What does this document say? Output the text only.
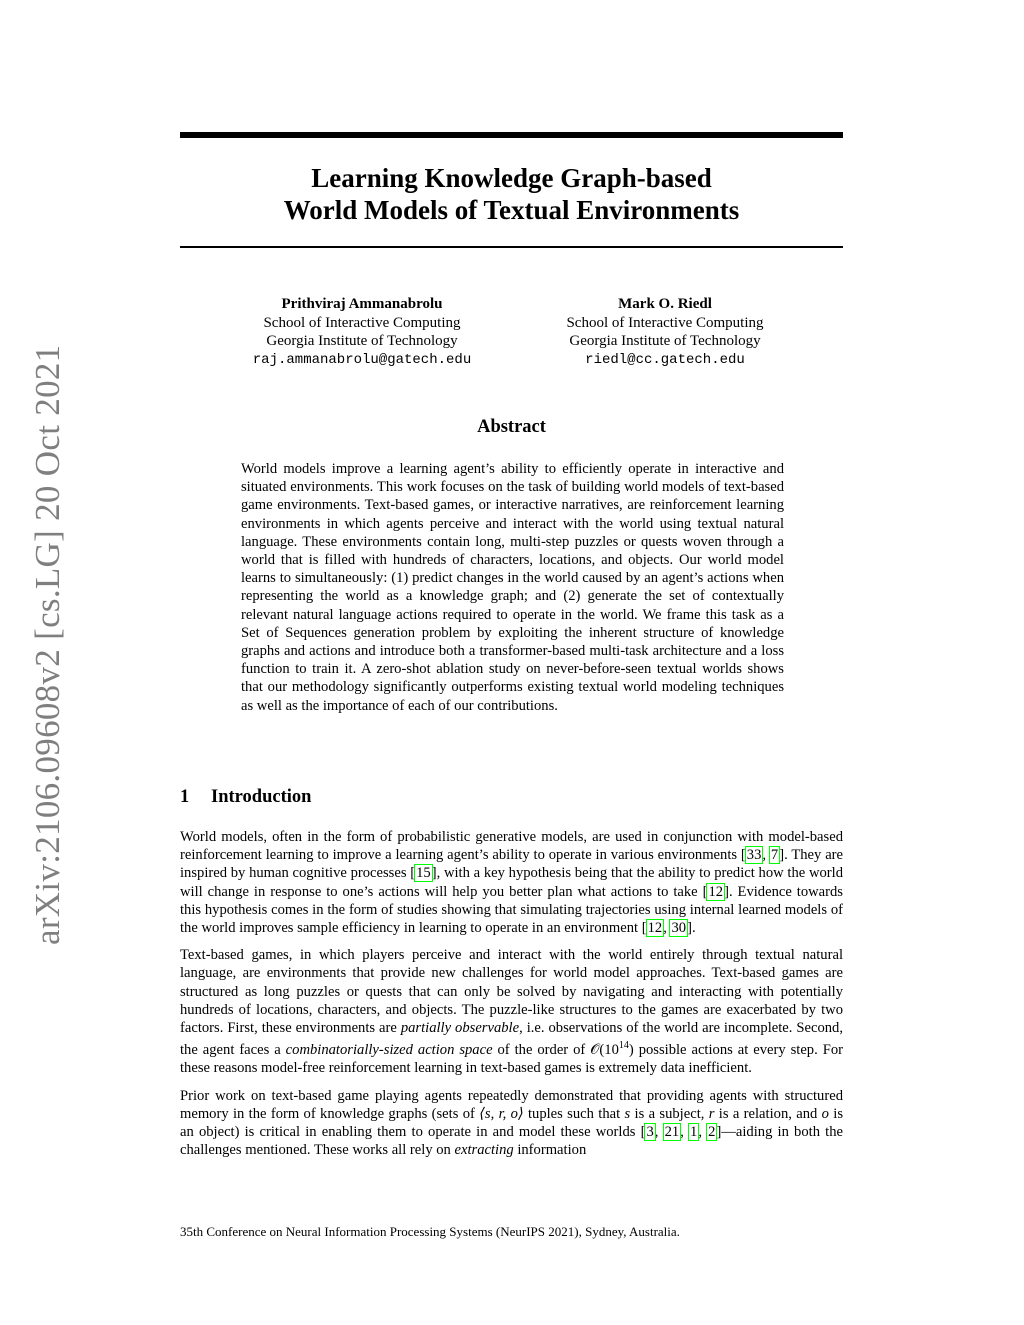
arXiv:2106.09608v2 [cs.LG] 20 Oct 2021
Learning Knowledge Graph-based
World Models of Textual Environments
Prithviraj Ammanabrolu
School of Interactive Computing
Georgia Institute of Technology
raj.ammanabrolu@gatech.edu
Mark O. Riedl
School of Interactive Computing
Georgia Institute of Technology
riedl@cc.gatech.edu
Abstract
World models improve a learning agent’s ability to efficiently operate in interactive and situated environments. This work focuses on the task of building world models of text-based game environments. Text-based games, or interactive narratives, are reinforcement learning environments in which agents perceive and interact with the world using textual natural language. These environments contain long, multi-step puzzles or quests woven through a world that is filled with hundreds of characters, locations, and objects. Our world model learns to simultaneously: (1) predict changes in the world caused by an agent’s actions when representing the world as a knowledge graph; and (2) generate the set of contextually relevant natural language actions required to operate in the world. We frame this task as a Set of Sequences generation problem by exploiting the inherent structure of knowledge graphs and actions and introduce both a transformer-based multi-task architecture and a loss function to train it. A zero-shot ablation study on never-before-seen textual worlds shows that our methodology significantly outperforms existing textual world modeling techniques as well as the importance of each of our contributions.
1 Introduction

World models, often in the form of probabilistic generative models, are used in conjunction with model-based reinforcement learning to improve a learning agent’s ability to operate in various environments [33, 7]. They are inspired by human cognitive processes [15], with a key hypothesis being that the ability to predict how the world will change in response to one’s actions will help you better plan what actions to take [12]. Evidence towards this hypothesis comes in the form of studies showing that simulating trajectories using internal learned models of the world improves sample efficiency in learning to operate in an environment [12, 30].

Text-based games, in which players perceive and interact with the world entirely through textual natural language, are environments that provide new challenges for world model approaches. Text-based games are structured as long puzzles or quests that can only be solved by navigating and interacting with potentially hundreds of locations, characters, and objects. The puzzle-like structures to the games are exacerbated by two factors. First, these environments are partially observable, i.e. observations of the world are incomplete. Second, the agent faces a combinatorially-sized action space of the order of $𝒪(10^{14})$ possible actions at every step. For these reasons model-free reinforcement learning in text-based games is extremely data inefficient.

Prior work on text-based game playing agents repeatedly demonstrated that providing agents with structured memory in the form of knowledge graphs (sets of ⟨s, r, o⟩ tuples such that s is a subject, r is a relation, and o is an object) is critical in enabling them to operate in and model these worlds [3, 21, 1, 2]—aiding in both the challenges mentioned. These works all rely on extracting information

35th Conference on Neural Information Processing Systems (NeurIPS 2021), Sydney, Australia.
